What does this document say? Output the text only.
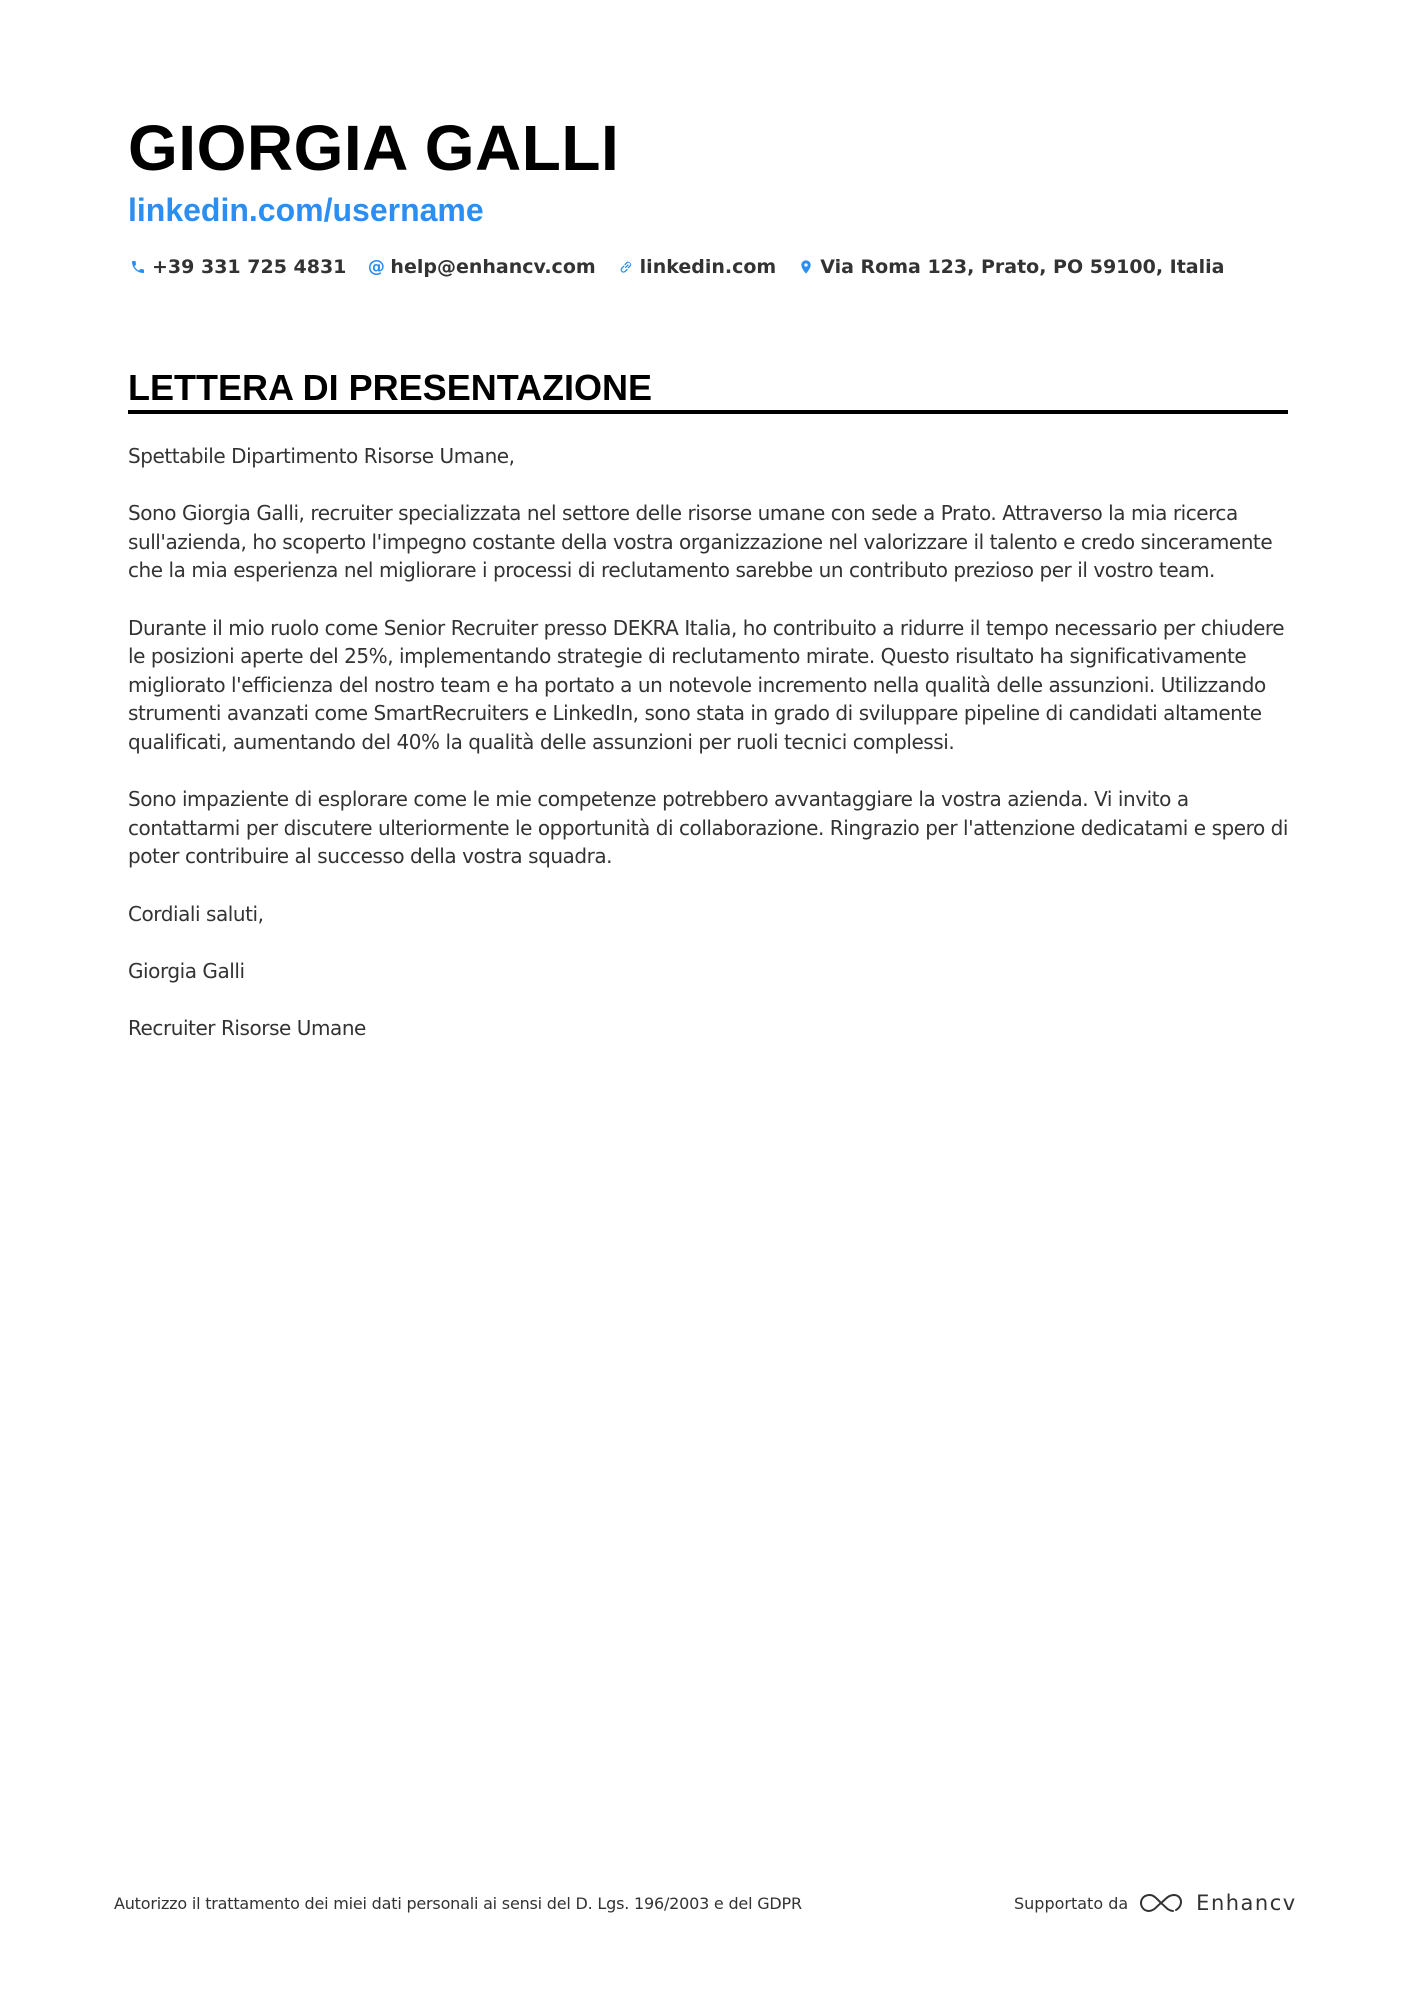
GIORGIA GALLI
linkedin.com/username
+39 331 725 4831 @ help@enhancv.com linkedin.com Via Roma 123, Prato, PO 59100, Italia
LETTERA DI PRESENTAZIONE

Spettabile Dipartimento Risorse Umane,

Sono Giorgia Galli, recruiter specializzata nel settore delle risorse umane con sede a Prato. Attraverso la mia ricerca sull'azienda, ho scoperto l'impegno costante della vostra organizzazione nel valorizzare il talento e credo sinceramente che la mia esperienza nel migliorare i processi di reclutamento sarebbe un contributo prezioso per il vostro team.

Durante il mio ruolo come Senior Recruiter presso DEKRA Italia, ho contribuito a ridurre il tempo necessario per chiudere le posizioni aperte del 25%, implementando strategie di reclutamento mirate. Questo risultato ha significativamente migliorato l'efficienza del nostro team e ha portato a un notevole incremento nella qualità delle assunzioni. Utilizzando strumenti avanzati come SmartRecruiters e LinkedIn, sono stata in grado di sviluppare pipeline di candidati altamente qualificati, aumentando del 40% la qualità delle assunzioni per ruoli tecnici complessi.

Sono impaziente di esplorare come le mie competenze potrebbero avvantaggiare la vostra azienda. Vi invito a contattarmi per discutere ulteriormente le opportunità di collaborazione. Ringrazio per l'attenzione dedicatami e spero di poter contribuire al successo della vostra squadra.

Cordiali saluti,

Giorgia Galli

Recruiter Risorse Umane

Autorizzo il trattamento dei miei dati personali ai sensi del D. Lgs. 196/2003 e del GDPR	Supportato da	Enhancv
